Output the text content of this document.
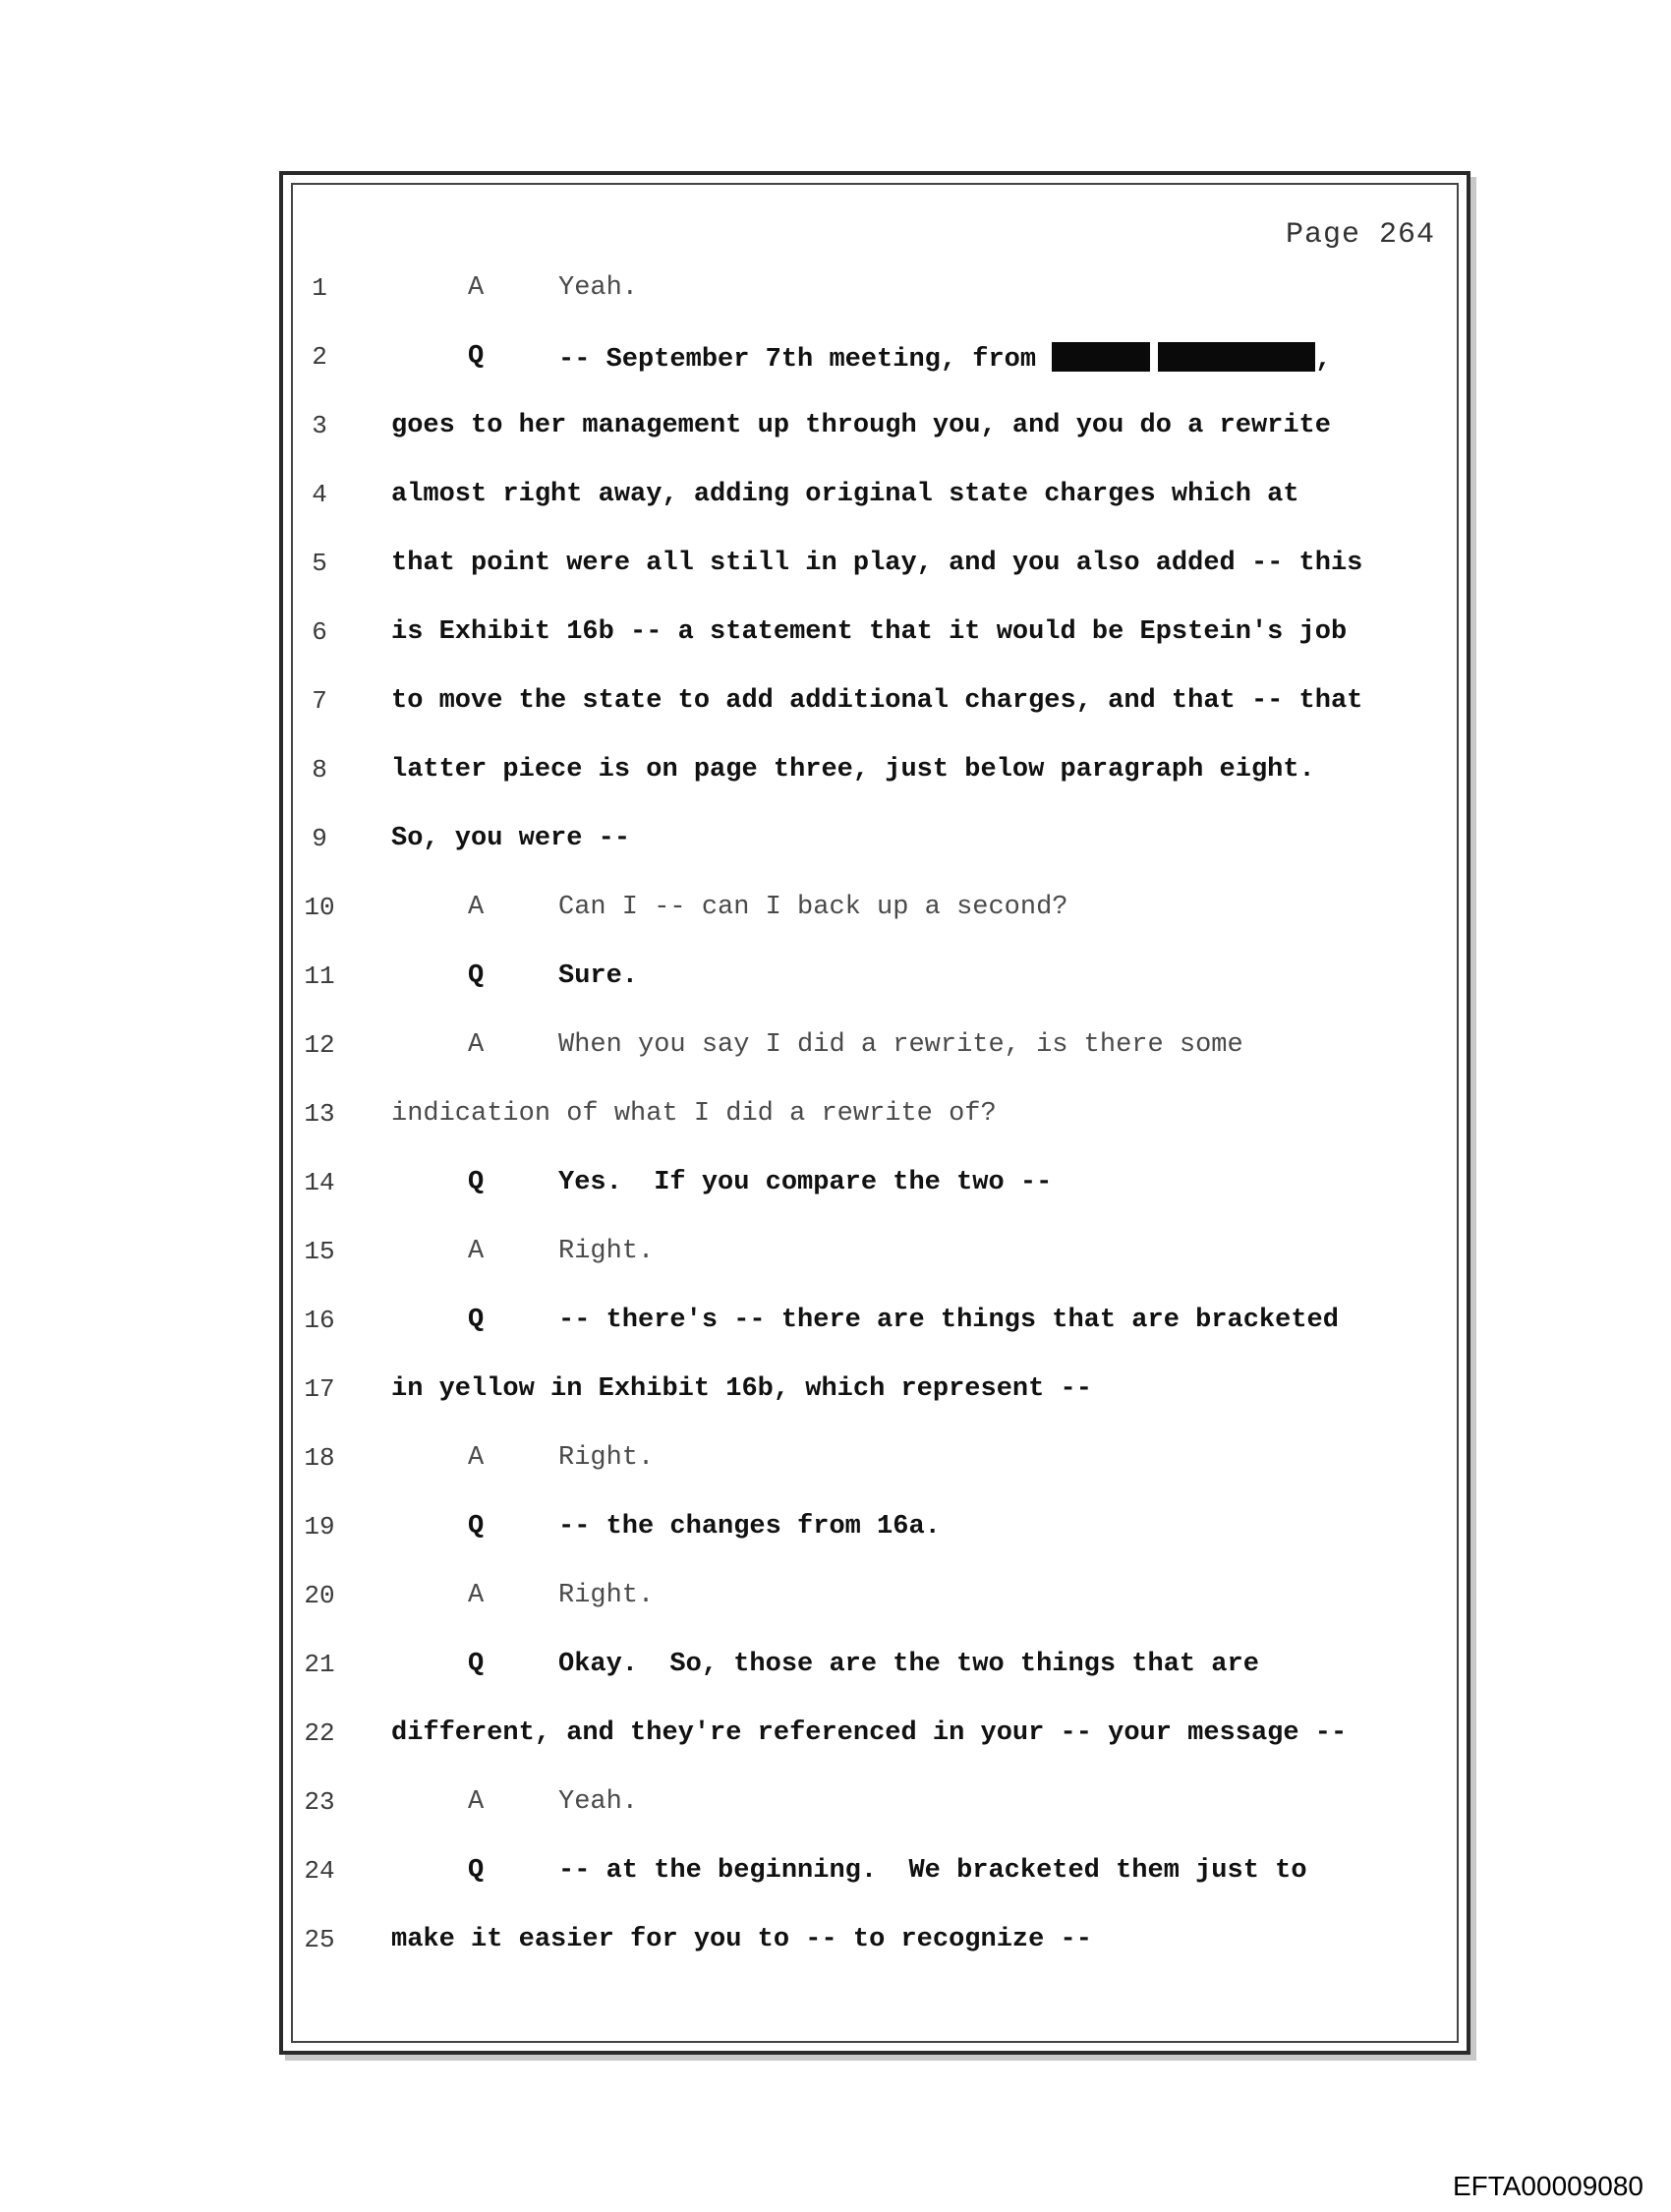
Page 264
1	A	Yeah.
2	Q	-- September 7th meeting, from	,
3	goes to her management up through you, and you do a rewrite
4	almost right away, adding original state charges which at
5	that point were all still in play, and you also added -- this
6	is Exhibit 16b -- a statement that it would be Epstein's job
7	to move the state to add additional charges, and that -- that
8	latter piece is on page three, just below paragraph eight.
9	So, you were --
10	A	Can I -- can I back up a second?
11	Q	Sure.
12	A	When you say I did a rewrite, is there some
13	indication of what I did a rewrite of?
14	Q	Yes.  If you compare the two --
15	A	Right.
16	Q	-- there's -- there are things that are bracketed
17	in yellow in Exhibit 16b, which represent --
18	A	Right.
19	Q	-- the changes from 16a.
20	A	Right.
21	Q	Okay.  So, those are the two things that are
22	different, and they're referenced in your -- your message --
23	A	Yeah.
24	Q	-- at the beginning.  We bracketed them just to
25	make it easier for you to -- to recognize --
EFTA00009080
